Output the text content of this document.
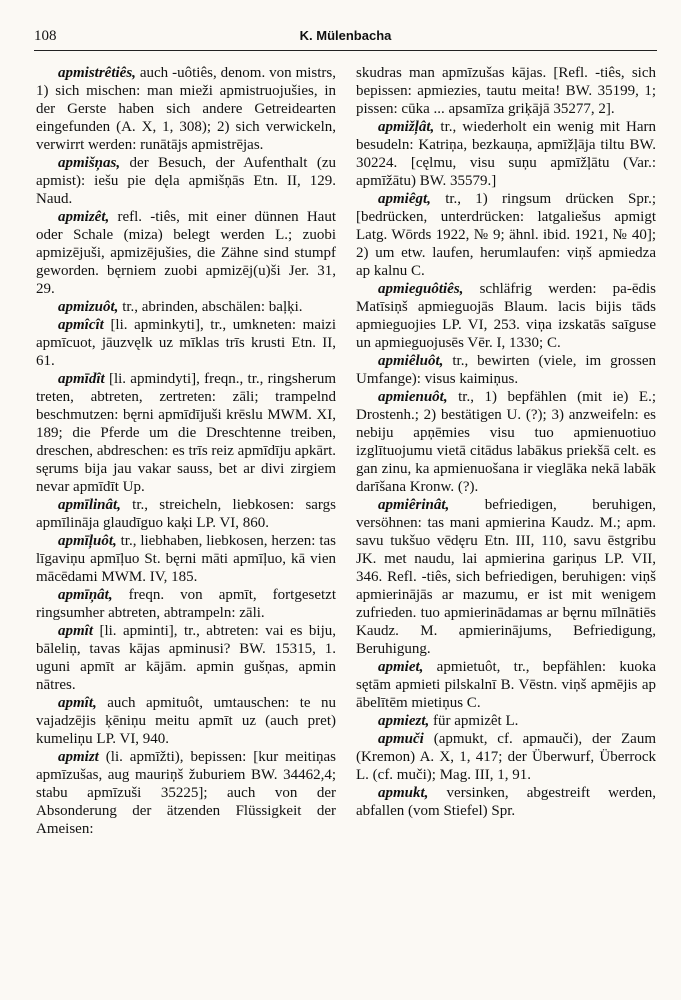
108	K. Mülenbacha

apmistrêtiês, auch -uôtiês, denom. von mistrs, 1) sich mischen: man mieži apmistruojušies, in der Gerste haben sich andere Getreidearten eingefunden (A. X, 1, 308); 2) sich verwickeln, verwirrt werden: runātājs apmistrējas.

apmišņas, der Besuch, der Aufenthalt (zu apmist): iešu pie dęla apmišņās Etn. II, 129. Naud.

apmizêt, refl. -tiês, mit einer dünnen Haut oder Schale (miza) belegt werden L.; zuobi apmizējuši, apmizējušies, die Zähne sind stumpf geworden. bęrniem zuobi apmizēj(u)ši Jer. 31, 29.

apmizuôt, tr., abrinden, abschälen: baļķi.

apmîcît [li. apminkyti], tr., umkneten: maizi apmīcuot, jāuzvęlk uz mīklas trīs krusti Etn. II, 61.

apmīdît [li. apmindyti], freqn., tr., ringsherum treten, abtreten, zertreten: zāli; trampelnd beschmutzen: bęrni apmīdījuši krēslu MWM. XI, 189; die Pferde um die Dreschtenne treiben, dreschen, abdreschen: es trīs reiz apmīdīju apkārt. sęrums bija jau vakar sauss, bet ar divi zirgiem nevar apmīdīt Up.

apmīlinât, tr., streicheln, liebkosen: sargs apmīlināja glaudīguo kaķi LP. VI, 860.

apmīļuôt, tr., liebhaben, liebkosen, herzen: tas līgaviņu apmīļuo St. bęrni māti apmīļuo, kā vien mācēdami MWM. IV, 185.

apmīņât, freqn. von apmīt, fortgesetzt ringsumher abtreten, abtrampeln: zāli.

apmît [li. apminti], tr., abtreten: vai es biju, bāleliņ, tavas kājas apminusi? BW. 15315, 1. uguni apmīt ar kājām. apmin gušņas, apmin nātres.

apmît, auch apmituôt, umtauschen: te nu vajadzējis ķēniņu meitu apmīt uz (auch pret) kumeliņu LP. VI, 940.

apmizt (li. apmīžti), bepissen: [kur meitiņas apmīzušas, aug mauriņš žuburiem BW. 34462,4; stabu apmīzuši 35225]; auch von der Absonderung der ätzenden Flüssigkeit der Ameisen:

skudras man apmīzušas kājas. [Refl. -tiês, sich bepissen: apmiezies, tautu meita! BW. 35199, 1; pissen: cūka ... apsamīza griķājā 35277, 2].

apmižļât, tr., wiederholt ein wenig mit Harn besudeln: Katriņa, bezkauņa, apmīžļāja tiltu BW. 30224. [cęlmu, visu suņu apmīžļātu (Var.: apmīžātu) BW. 35579.]

apmiêgt, tr., 1) ringsum drücken Spr.; [bedrücken, unterdrücken: latgaliešus apmigt Latg. Wōrds 1922, № 9; ähnl. ibid. 1921, № 40]; 2) um etw. laufen, herumlaufen: viņš apmiedza ap kalnu C.

apmieguôtiês, schläfrig werden: pa-ēdis Matīsiņš apmieguojās Blaum. lacis bijis tāds apmieguojies LP. VI, 253. viņa izskatās saīguse un apmieguojusēs Vēr. I, 1330; C.

apmiêluôt, tr., bewirten (viele, im grossen Umfange): visus kaimiņus.

apmienuôt, tr., 1) bepfählen (mit ie) E.; Drostenh.; 2) bestätigen U. (?); 3) anzweifeln: es nebiju apņēmies visu tuo apmienuotiuo izglītuojumu vietā citādus labākus priekšā celt. es gan zinu, ka apmienuošana ir vieglāka nekā labāk darīšana Kronw. (?).

apmiêrinât, befriedigen, beruhigen, versöhnen: tas mani apmierina Kaudz. M.; apm. savu tukšuo vēdęru Etn. III, 110, savu ēstgribu JK. met naudu, lai apmierina gariņus LP. VII, 346. Refl. -tiês, sich befriedigen, beruhigen: viņš apmierinājās ar mazumu, er ist mit wenigem zufrieden. tuo apmierinādamas ar bęrnu mīlnātiēs Kaudz. M. apmierinājums, Befriedigung, Beruhigung.

apmiet, apmietuôt, tr., bepfählen: kuoka sętām apmieti pilskalnī B. Vēstn. viņš apmējis ap ābelītēm mietiņus C.

apmiezt, für apmizêt L.

apmuči (apmukt, cf. apmauči), der Zaum (Kremon) A. X, 1, 417; der Überwurf, Überrock L. (cf. muči); Mag. III, 1, 91.

apmukt, versinken, abgestreift werden, abfallen (vom Stiefel) Spr.
